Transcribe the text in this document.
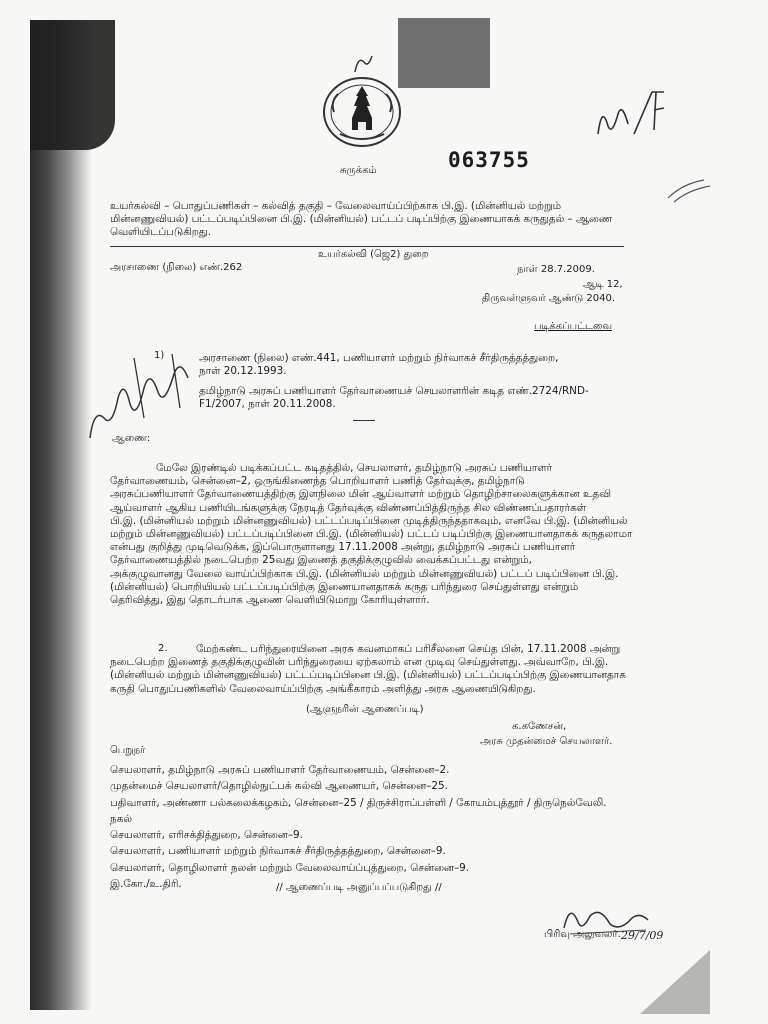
சுருக்கம்	063755
உயர்கல்வி – பொதுப்பணிகள் – கல்வித் தகுதி – வேலைவாய்ப்பிற்காக பி.இ. (மின்னியல் மற்றும்
மின்னணுவியல்) பட்டப்படிப்பினை பி.இ. (மின்னியல்) பட்டப் படிப்பிற்கு இணையாகக் கருதுதல் – ஆணை
வெளியிடப்படுகிறது.
உயர்கல்வி (ஜெ2) துறை
அரசாணை (நிலை) எண்.262	நாள் 28.7.2009.
ஆடி 12,
திருவள்ளுவர் ஆண்டு 2040.
படிக்கப்பட்டவை
1)	அரசாணை (நிலை) எண்.441, பணியாளர் மற்றும் நிர்வாகச் சீர்திருத்தத்துறை,
நாள் 20.12.1993.
தமிழ்நாடு அரசுப் பணியாளர் தேர்வாணையச் செயலாளரின் கடித எண்.2724/RND-
F1/2007, நாள் 20.11.2008.
ஆணை:
மேலே இரண்டில் படிக்கப்பட்ட கடிதத்தில், செயலாளர், தமிழ்நாடு அரசுப் பணியாளர்
தேர்வாணையம், சென்னை–2, ஒருங்கிணைந்த பொறியாளர் பணித் தேர்வுக்கு, தமிழ்நாடு
அரசுப்பணியாளர் தேர்வாணையத்திற்கு இளநிலை மின் ஆய்வாளர் மற்றும் தொழிற்சாலைகளுக்கான உதவி
ஆய்வாளர் ஆகிய பணியிடங்களுக்கு நேரடித் தேர்வுக்கு விண்ணப்பித்திருந்த சில விண்ணப்பதாரர்கள்
பி.இ. (மின்னியல் மற்றும் மின்னணுவியல்) பட்டப்படிப்பினை முடித்திருந்ததாகவும், எனவே பி.இ. (மின்னியல்
மற்றும் மின்னணுவியல்) பட்டப்படிப்பினை பி.இ. (மின்னியல்) பட்டப் படிப்பிற்கு இணையானதாகக் கருதலாமா
என்பது குறித்து முடிவெடுக்க, இப்பொருளானது 17.11.2008 அன்று, தமிழ்நாடு அரசுப் பணியாளர்
தேர்வாணையத்தில் நடைபெற்ற 25வது இணைத் தகுதிக்குழுவில் வைக்கப்பட்டது என்றும்,
அக்குழுவானது வேலை வாய்ப்பிற்காக பி.இ. (மின்னியல் மற்றும் மின்னணுவியல்) பட்டப் படிப்பினை பி.இ.
(மின்னியல்) பொறியியல் பட்டப்படிப்பிற்கு இணையானதாகக் கருத பரிந்துரை செய்துள்ளது என்றும்
தெரிவித்து, இது தொடர்பாக ஆணை வெளியிடுமாறு கோரியுள்ளார்.
2.	மேற்கண்ட பரிந்துரையினை அரசு கவனமாகப் பரிசீலனை செய்த பின், 17.11.2008 அன்று
நடைபெற்ற இணைத் தகுதிக்குழுவின் பரிந்துரையை ஏற்கலாம் என முடிவு செய்துள்ளது. அவ்வாறே, பி.இ.
(மின்னியல் மற்றும் மின்னணுவியல்) பட்டப்படிப்பினை பி.இ. (மின்னியல்) பட்டப்படிப்பிற்கு இணையானதாக
கருதி பொதுப்பணிகளில் வேலைவாய்ப்பிற்கு அங்கீகாரம் அளித்து அரசு ஆணையிடுகிறது.
(ஆளுநரின் ஆணைப்படி)
க.கணேசன்,
அரசு முதன்மைச் செயலாளர்.
பெறுநர்
செயலாளர், தமிழ்நாடு அரசுப் பணியாளர் தேர்வாணையம், சென்னை–2.
முதன்மைச் செயலாளர்/தொழில்நுட்பக் கல்வி ஆணையர், சென்னை–25.
பதிவாளர், அண்ணா பல்கலைக்கழகம், சென்னை–25 / திருச்சிராப்பள்ளி / கோயம்புத்தூர் / திருநெல்வேலி.
நகல்
செயலாளர், எரிசக்தித்துறை, சென்னை–9.
செயலாளர், பணியாளர் மற்றும் நிர்வாகச் சீர்திருத்தத்துறை, சென்னை–9.
செயலாளர், தொழிலாளர் நலன் மற்றும் வேலைவாய்ப்புத்துறை, சென்னை–9.
இ.கோ./உ.திரி.	// ஆணைப்படி அனுப்பப்படுகிறது //
பிரிவு அலுவலர். 29/7/09
